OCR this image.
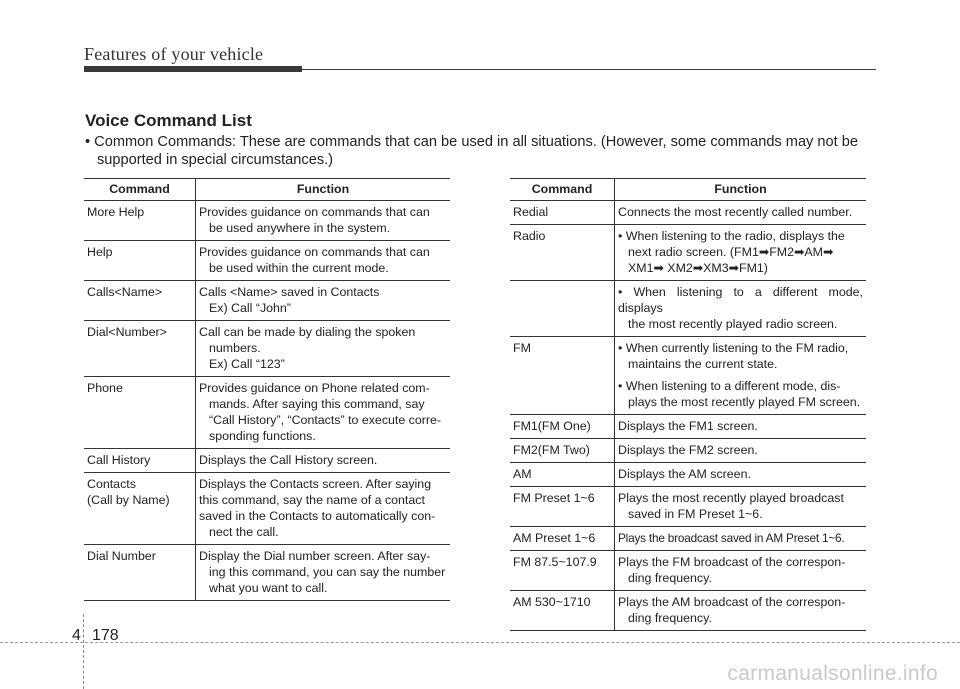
Features of your vehicle
Voice Command List
• Common Commands: These are commands that can be used in all situations. (However, some commands may not be supported in special circumstances.)
Command	Function
More Help	Provides guidance on commands that can
be used anywhere in the system.

Help	Provides guidance on commands that can
be used within the current mode.

Calls<Name>	Calls <Name> saved in Contacts
Ex) Call “John”

Dial<Number>	Call can be made by dialing the spoken
numbers.
Ex) Call “123”

Phone	Provides guidance on Phone related com-
mands. After saying this command, say
“Call History”, “Contacts” to execute corre-
sponding functions.

Call History	Displays the Call History screen.

Contacts
(Call by Name)	Displays the Contacts screen. After saying
this command, say the name of a contact
saved in the Contacts to automatically con-
nect the call.

Dial Number	Display the Dial number screen. After say-
ing this command, you can say the number
what you want to call.
Command	Function
Redial	Connects the most recently called number.

Radio	• When listening to the radio, displays the
next radio screen. (FM1➡FM2➡AM➡
XM1➡ XM2➡XM3➡FM1)

	• When listening to a different mode, displays
the most recently played radio screen.

FM	• When currently listening to the FM radio,
maintains the current state.
• When listening to a different mode, dis-
plays the most recently played FM screen.

FM1(FM One)	Displays the FM1 screen.

FM2(FM Two)	Displays the FM2 screen.

AM	Displays the AM screen.

FM Preset 1~6	Plays the most recently played broadcast
saved in FM Preset 1~6.

AM Preset 1~6	Plays the broadcast saved in AM Preset 1~6.

FM 87.5~107.9	Plays the FM broadcast of the correspon-
ding frequency.

AM 530~1710	Plays the AM broadcast of the correspon-
ding frequency.
4 178
carmanualsonline.info
